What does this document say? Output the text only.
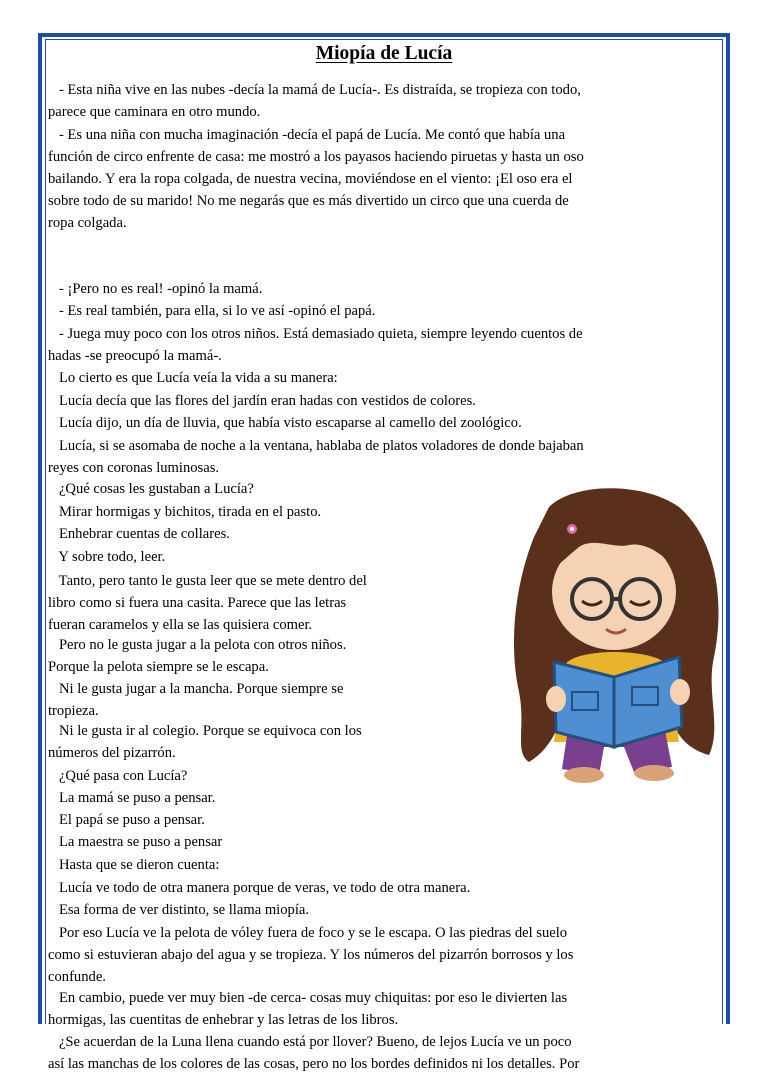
Miopía de Lucía

- Esta niña vive en las nubes -decía la mamá de Lucía-. Es distraída, se tropieza con todo,
parece que caminara en otro mundo.

- Es una niña con mucha imaginación -decía el papá de Lucía. Me contó que había una
función de circo enfrente de casa: me mostró a los payasos haciendo piruetas y hasta un oso
bailando. Y era la ropa colgada, de nuestra vecina, moviéndose en el viento: ¡El oso era el
sobre todo de su marido! No me negarás que es más divertido un circo que una cuerda de
ropa colgada.

- ¡Pero no es real! -opinó la mamá.

- Es real también, para ella, si lo ve así -opinó el papá.

- Juega muy poco con los otros niños. Está demasiado quieta, siempre leyendo cuentos de
hadas -se preocupó la mamá-.

Lo cierto es que Lucía veía la vida a su manera:

Lucía decía que las flores del jardín eran hadas con vestidos de colores.

Lucía dijo, un día de lluvia, que había visto escaparse al camello del zoológico.

Lucía, si se asomaba de noche a la ventana, hablaba de platos voladores de donde bajaban
reyes con coronas luminosas.

¿Qué cosas les gustaban a Lucía?

Mirar hormigas y bichitos, tirada en el pasto.

Enhebrar cuentas de collares.

Y sobre todo, leer.

Tanto, pero tanto le gusta leer que se mete dentro del
libro como si fuera una casita. Parece que las letras
fueran caramelos y ella se las quisiera comer.

Pero no le gusta jugar a la pelota con otros niños.
Porque la pelota siempre se le escapa.

Ni le gusta jugar a la mancha. Porque siempre se
tropieza.

Ni le gusta ir al colegio. Porque se equivoca con los
números del pizarrón.

¿Qué pasa con Lucía?

La mamá se puso a pensar.

El papá se puso a pensar.

La maestra se puso a pensar

Hasta que se dieron cuenta:

Lucía ve todo de otra manera porque de veras, ve todo de otra manera.

Esa forma de ver distinto, se llama miopía.

Por eso Lucía ve la pelota de vóley fuera de foco y se le escapa. O las piedras del suelo
como si estuvieran abajo del agua y se tropieza. Y los números del pizarrón borrosos y los
confunde.

En cambio, puede ver muy bien -de cerca- cosas muy chiquitas: por eso le divierten las
hormigas, las cuentitas de enhebrar y las letras de los libros.

¿Se acuerdan de la Luna llena cuando está por llover? Bueno, de lejos Lucía ve un poco
así las manchas de los colores de las cosas, pero no los bordes definidos ni los detalles. Por
